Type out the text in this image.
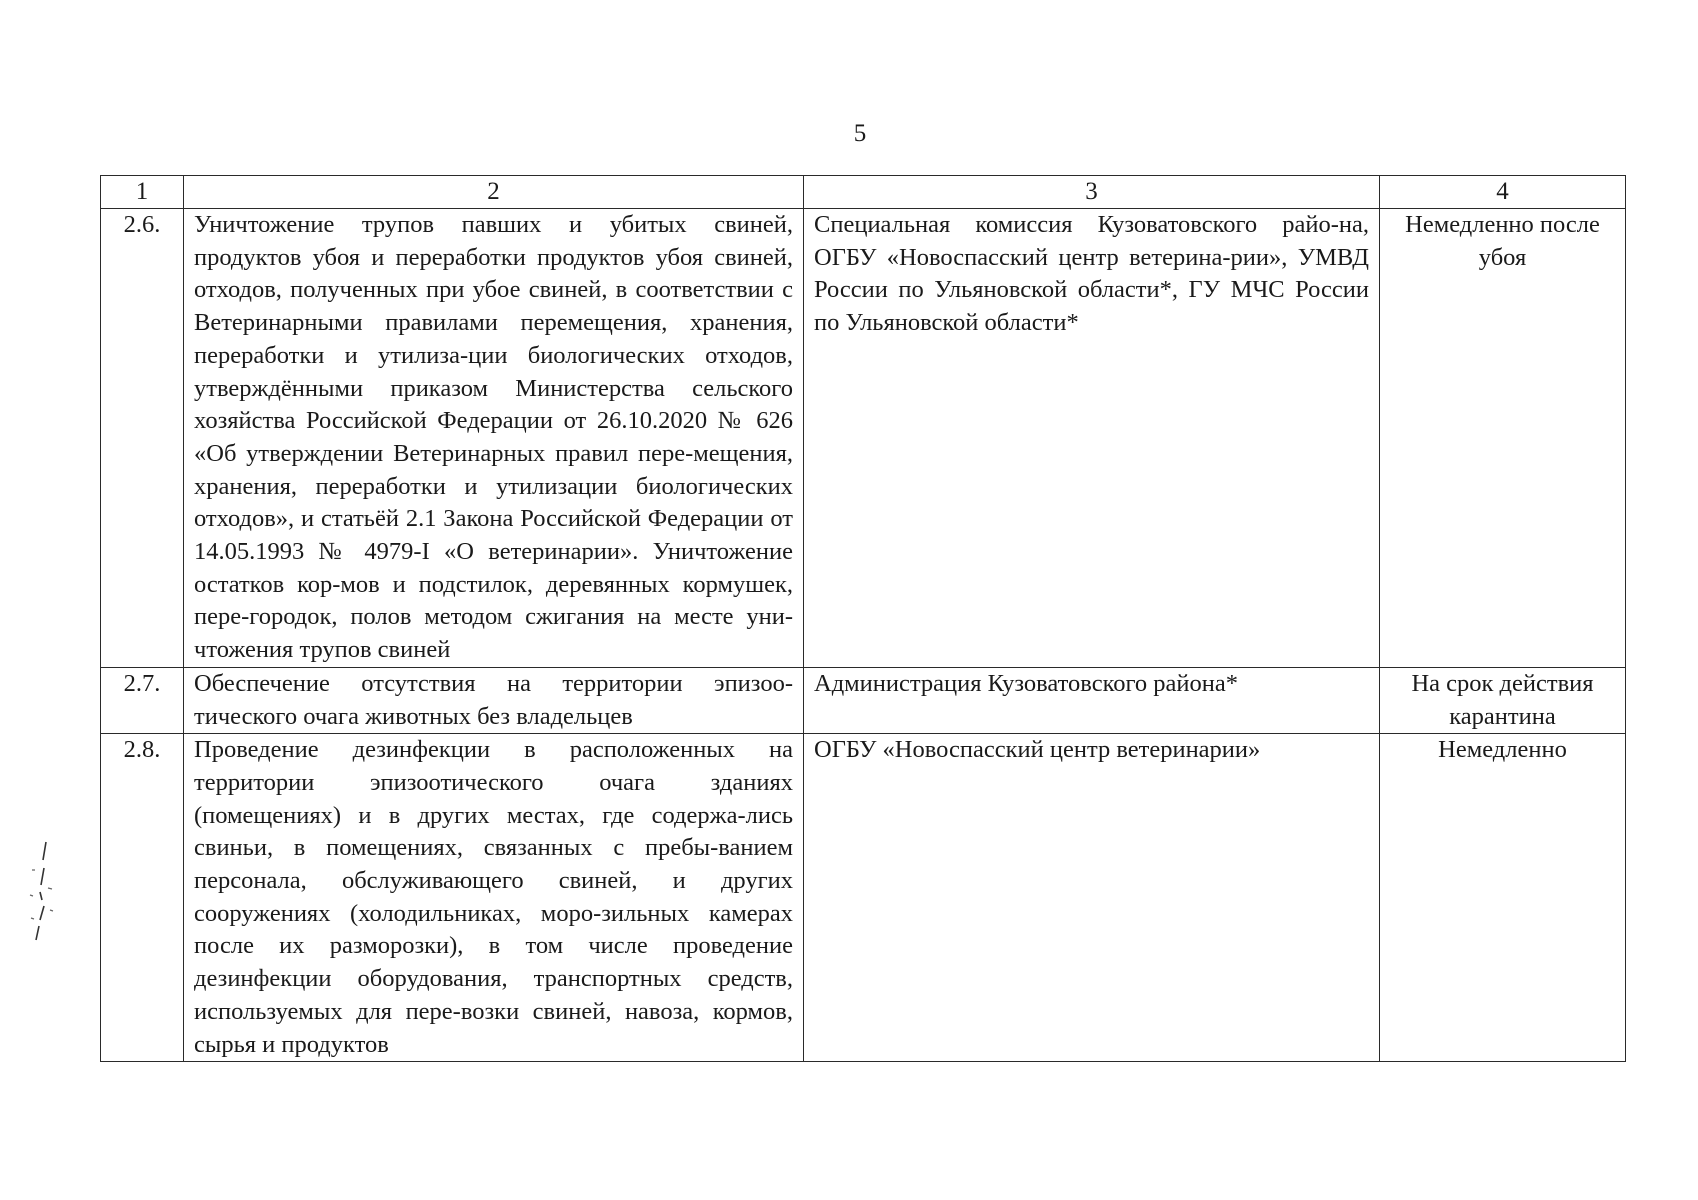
5
1	2	3	4
2.6.	Уничтожение трупов павших и убитых свиней, продуктов убоя и переработки продуктов убоя свиней, отходов, полученных при убое свиней, в соответствии с Ветеринарными правилами перемещения, хранения, переработки и утилиза-ции биологических отходов, утверждёнными приказом Министерства сельского хозяйства Российской Федерации от 26.10.2020 № 626 «Об утверждении Ветеринарных правил пере-мещения, хранения, переработки и утилизации биологических отходов», и статьёй 2.1 Закона Российской Федерации от 14.05.1993 № 4979-I «О ветеринарии». Уничтожение остатков кор-мов и подстилок, деревянных кормушек, пере-городок, полов методом сжигания на месте уни-чтожения трупов свиней	Специальная комиссия Кузоватовского райо-на, ОГБУ «Новоспасский центр ветерина-рии», УМВД России по Ульяновской области*, ГУ МЧС России по Ульяновской области*	Немедленно после убоя
2.7.	Обеспечение отсутствия на территории эпизоо-тического очага животных без владельцев	Администрация Кузоватовского района*	На срок действия карантина
2.8.	Проведение дезинфекции в расположенных на территории эпизоотического очага зданиях (помещениях) и в других местах, где содержа-лись свиньи, в помещениях, связанных с пребы-ванием персонала, обслуживающего свиней, и других сооружениях (холодильниках, моро-зильных камерах после их разморозки), в том числе проведение дезинфекции оборудования, транспортных средств, используемых для пере-возки свиней, навоза, кормов, сырья и продуктов	ОГБУ «Новоспасский центр ветеринарии»	Немедленно
